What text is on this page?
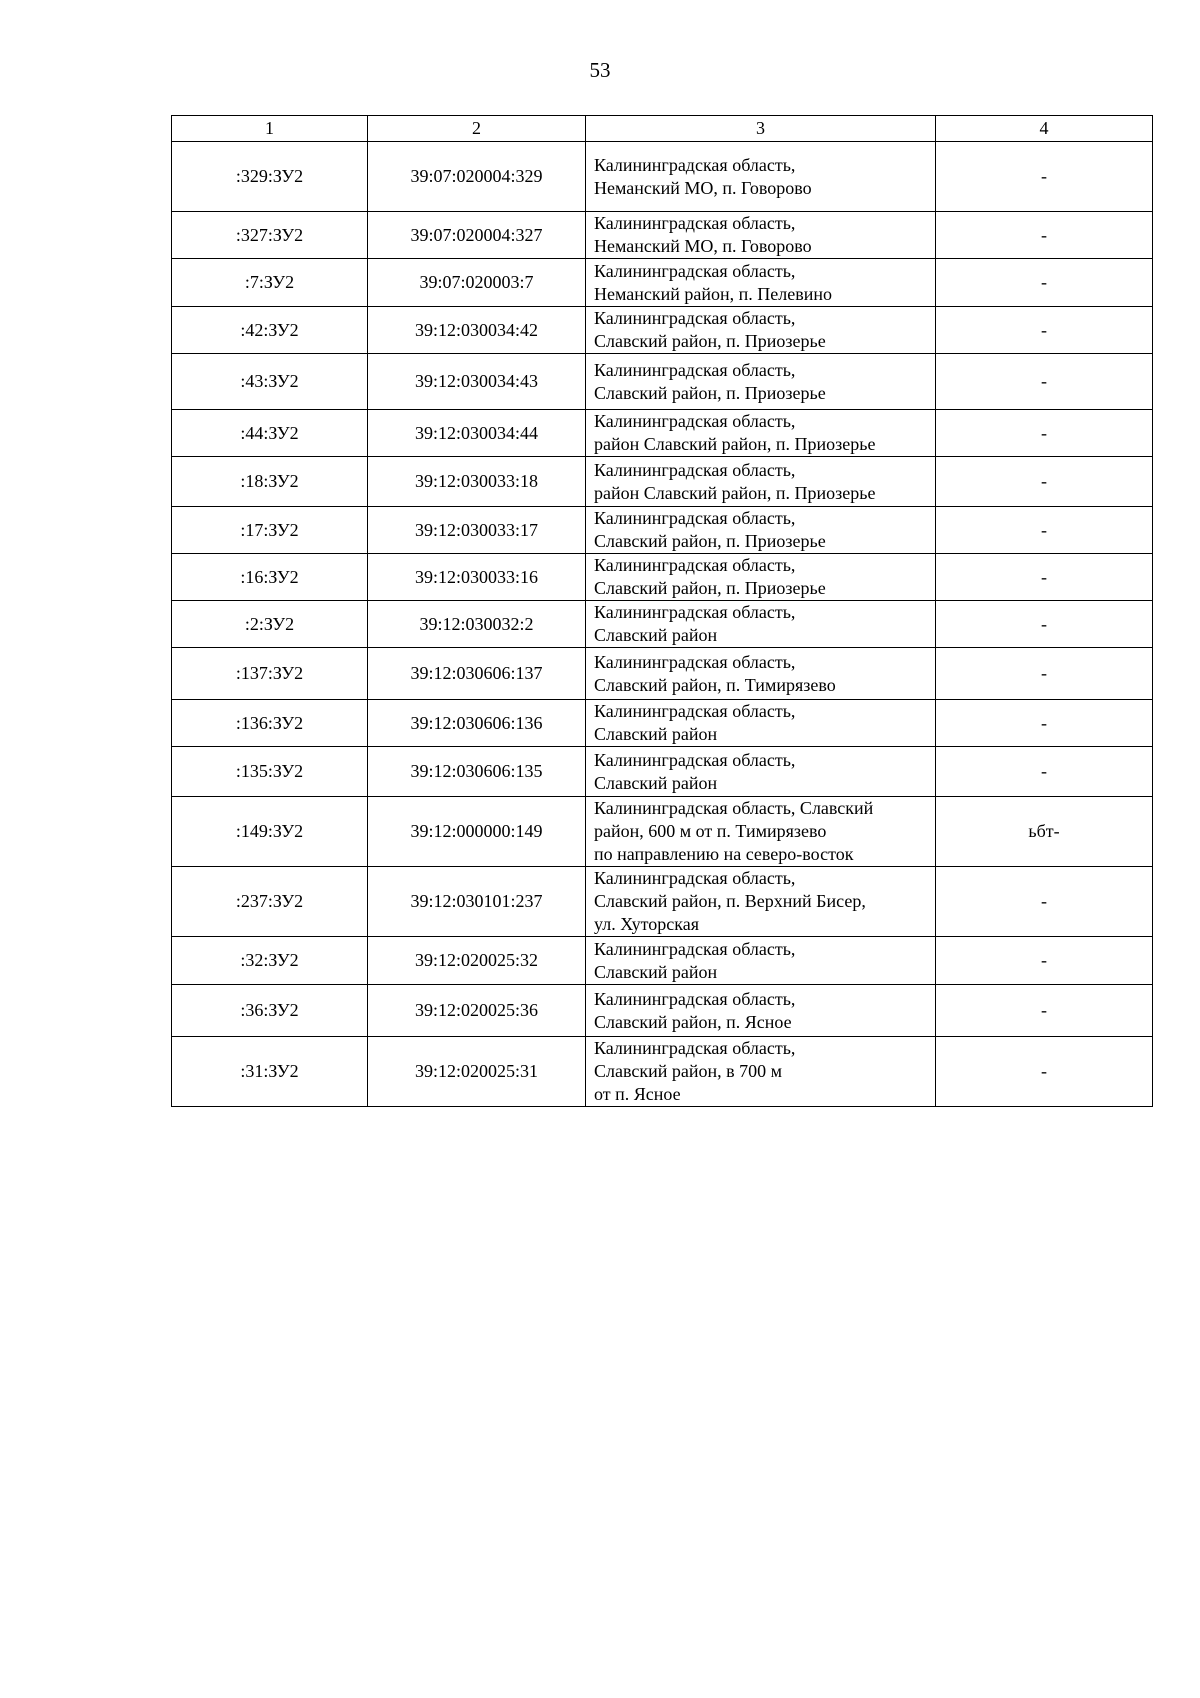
53
1	2	3	4
:329:ЗУ2	39:07:020004:329	Калининградская область,
Неманский МО, п. Говорово	-
:327:ЗУ2	39:07:020004:327	Калининградская область,
Неманский МО, п. Говорово	-
:7:ЗУ2	39:07:020003:7	Калининградская область,
Неманский район, п. Пелевино	-
:42:ЗУ2	39:12:030034:42	Калининградская область,
Славский район, п. Приозерье	-
:43:ЗУ2	39:12:030034:43	Калининградская область,
Славский район, п. Приозерье	-
:44:ЗУ2	39:12:030034:44	Калининградская область,
район Славский район, п. Приозерье	-
:18:ЗУ2	39:12:030033:18	Калининградская область,
район Славский район, п. Приозерье	-
:17:ЗУ2	39:12:030033:17	Калининградская область,
Славский район, п. Приозерье	-
:16:ЗУ2	39:12:030033:16	Калининградская область,
Славский район, п. Приозерье	-
:2:ЗУ2	39:12:030032:2	Калининградская область,
Славский район	-
:137:ЗУ2	39:12:030606:137	Калининградская область,
Славский район, п. Тимирязево	-
:136:ЗУ2	39:12:030606:136	Калининградская область,
Славский район	-
:135:ЗУ2	39:12:030606:135	Калининградская область,
Славский район	-
:149:ЗУ2	39:12:000000:149	Калининградская область, Славский
район, 600 м от п. Тимирязево
по направлению на северо-восток	ьбт-
:237:ЗУ2	39:12:030101:237	Калининградская область,
Славский район, п. Верхний Бисер,
ул. Хуторская	-
:32:ЗУ2	39:12:020025:32	Калининградская область,
Славский район	-
:36:ЗУ2	39:12:020025:36	Калининградская область,
Славский район, п. Ясное	-
:31:ЗУ2	39:12:020025:31	Калининградская область,
Славский район, в 700 м
от п. Ясное	-
